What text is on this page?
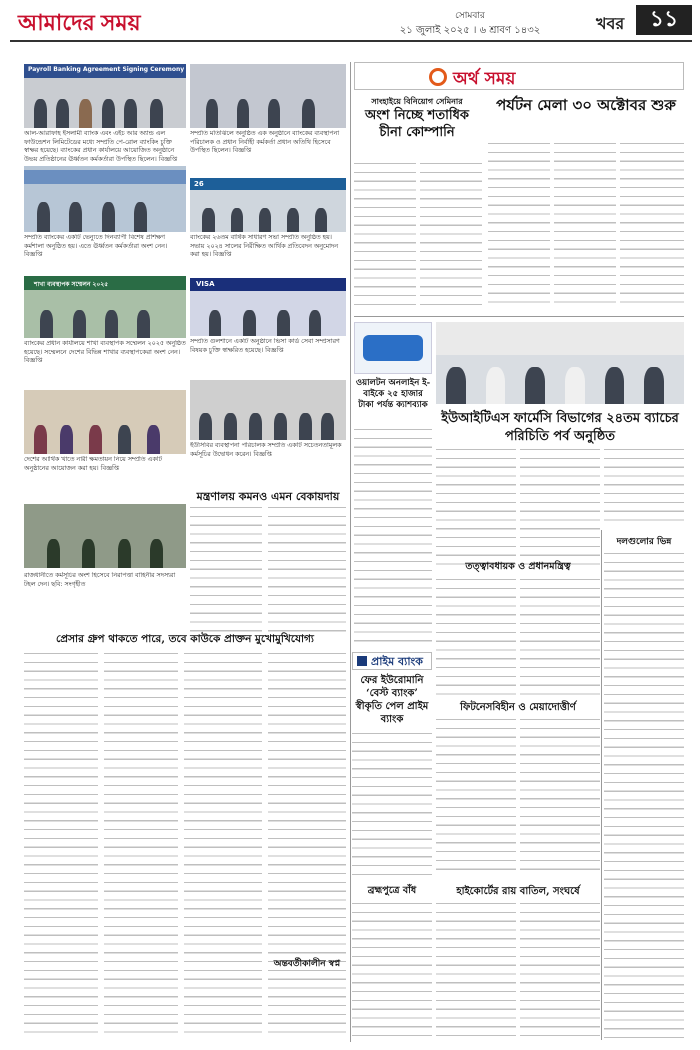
আমাদের সময়	সোমবার
২১ জুলাই ২০২৫ । ৬ শ্রাবণ ১৪৩২	খবর	১১
Payroll Banking Agreement Signing Ceremony
আল-আরাফাহ ইসলামী ব্যাংক এবং এইচ আর অ্যান্ড এল ফাউন্ডেশন লিমিটেডের মধ্যে সম্প্রতি পে-রোল ব্যাংকিং চুক্তি স্বাক্ষর হয়েছে। ব্যাংকের প্রধান কার্যালয়ে আয়োজিত অনুষ্ঠানে উভয় প্রতিষ্ঠানের ঊর্ধ্বতন কর্মকর্তারা উপস্থিত ছিলেন। বিজ্ঞপ্তি
সম্প্রতি ব্যাংকের একটি ভেন্যুতে দিনব্যাপী বিশেষ প্রশিক্ষণ কর্মশালা অনুষ্ঠিত হয়। এতে ঊর্ধ্বতন কর্মকর্তারা অংশ নেন। বিজ্ঞপ্তি
শাখা ব্যবস্থাপক সম্মেলন ২০২৫
ব্যাংকের প্রধান কার্যালয়ে শাখা ব্যবস্থাপক সম্মেলন ২০২৫ অনুষ্ঠিত হয়েছে। সম্মেলনে দেশের বিভিন্ন শাখার ব্যবস্থাপকেরা অংশ নেন। বিজ্ঞপ্তি
দেশের আর্থিক খাতে নারী ক্ষমতায়ন নিয়ে সম্প্রতি একটি অনুষ্ঠানের আয়োজন করা হয়। বিজ্ঞপ্তি
সম্প্রতি মতিঝিলে অনুষ্ঠিত এক অনুষ্ঠানে ব্যাংকের ব্যবস্থাপনা পরিচালক ও প্রধান নির্বাহী কর্মকর্তা প্রধান অতিথি হিসেবে উপস্থিত ছিলেন। বিজ্ঞপ্তি
26
ব্যাংকের ২৬তম বার্ষিক সাধারণ সভা সম্প্রতি অনুষ্ঠিত হয়। সভায় ২০২৪ সালের নিরীক্ষিত আর্থিক প্রতিবেদন অনুমোদন করা হয়। বিজ্ঞপ্তি
VISA
সম্প্রতি গুলশানে একটি অনুষ্ঠানে ভিসা কার্ড সেবা সম্প্রসারণ বিষয়ক চুক্তি স্বাক্ষরিত হয়েছে। বিজ্ঞপ্তি
ইউসিবির ব্যবস্থাপনা পরিচালক সম্প্রতি একটি সচেতনতামূলক কর্মসূচির উদ্বোধন করেন। বিজ্ঞপ্তি
মন্ত্রণালয় কমনও এমন বেকায়দায়
রাজধানীতে কর্মসূচির অংশ হিসেবে নিরাপত্তা বাহিনীর সদস্যরা টহল দেন। ছবি: সংগৃহীত
প্রেসার গ্রুপ থাকতে পারে, তবে কাউকে প্রাক্তন মুখোমুখিযোগ্য
অর্থ সময়
সাংহাইয়ে বিনিয়োগ সেমিনার
অংশ নিচ্ছে শতাধিক চীনা কোম্পানি
পর্যটন মেলা ৩০ অক্টোবর শুরু
ওয়ালটন অনলাইন ই-বাইকে ২৫ হাজার টাকা পর্যন্ত ক্যাশব্যাক
ইউআইটিএস ফার্মেসি বিভাগের ২৪তম ব্যাচের পরিচিতি পর্ব অনুষ্ঠিত
দলগুলোর ভিন্ন
তত্ত্বাবধায়ক ও প্রধানমন্ত্রিত্ব
প্রাইম ব্যাংক
ফের ইউরোমানি ‘বেস্ট ব্যাংক’ স্বীকৃতি পেল প্রাইম ব্যাংক
ফিটনেসবিহীন ও মেয়াদোত্তীর্ণ
ব্রহ্মপুত্রে বাঁধ	হাইকোর্টের রায় বাতিল, সংঘর্ষে
অন্তবর্তীকালীন স্বপ্ন
